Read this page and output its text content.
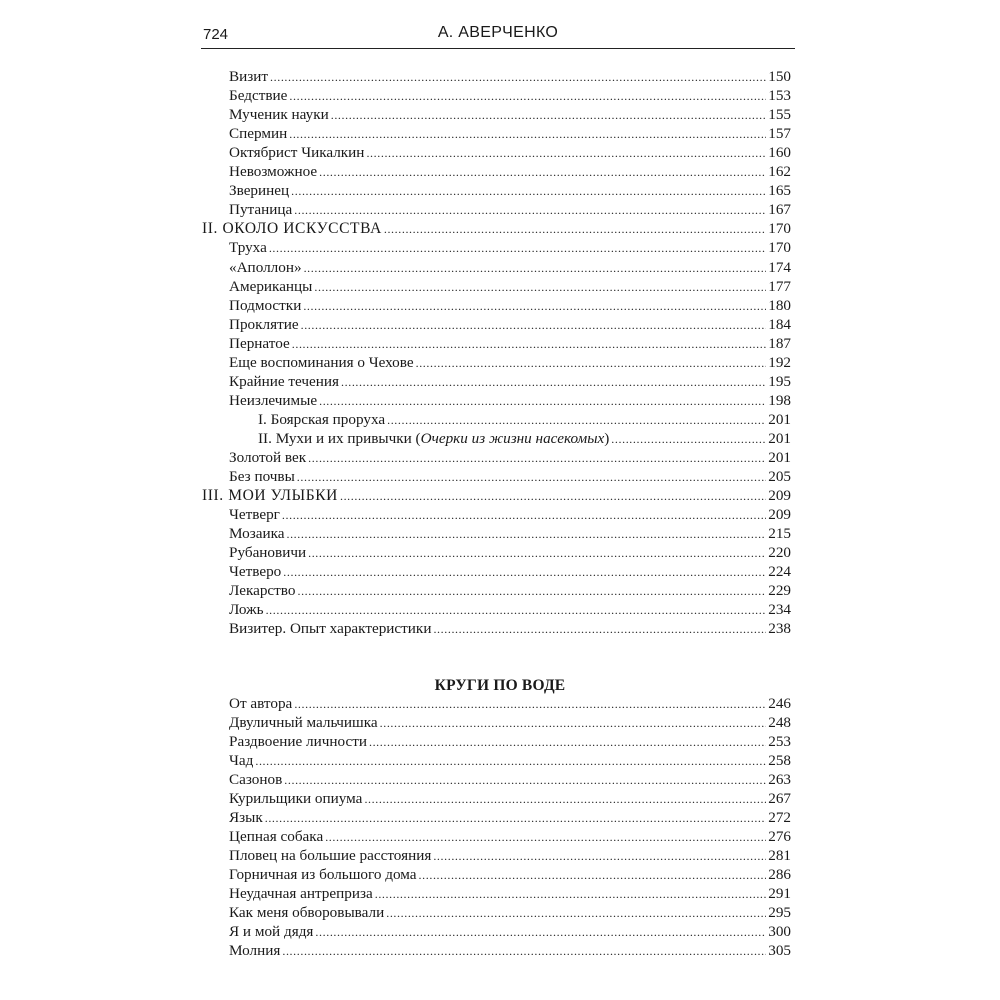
724	А. АВЕРЧЕНКО
Визит . . .	150
Бедствие . . .	153
Мученик науки . . .	155
Спермин . . .	157
Октябрист Чикалкин . . .	160
Невозможное . . .	162
Зверинец . . .	165
Путаница . . .	167
II. ОКОЛО ИСКУССТВА . . .	170
Труха . . .	170
«Аполлон» . . .	174
Американцы . . .	177
Подмостки . . .	180
Проклятие . . .	184
Пернатое . . .	187
Еще воспоминания о Чехове . . .	192
Крайние течения . . .	195
Неизлечимые . . .	198
I. Боярская проруха . . .	201
II. Мухи и их привычки (Очерки из жизни насекомых) . . .	201
Золотой век . . .	201
Без почвы . . .	205
III. МОИ УЛЫБКИ . . .	209
Четверг . . .	209
Мозаика . . .	215
Рубановичи . . .	220
Четверо . . .	224
Лекарство . . .	229
Ложь . . .	234
Визитер. Опыт характеристики . . .	238
КРУГИ ПО ВОДЕ
От автора . . .	246
Двуличный мальчишка . . .	248
Раздвоение личности . . .	253
Чад . . .	258
Сазонов . . .	263
Курильщики опиума . . .	267
Язык . . .	272
Цепная собака . . .	276
Пловец на большие расстояния . . .	281
Горничная из большого дома . . .	286
Неудачная антреприза . . .	291
Как меня обворовывали . . .	295
Я и мой дядя . . .	300
Молния . . .	305
